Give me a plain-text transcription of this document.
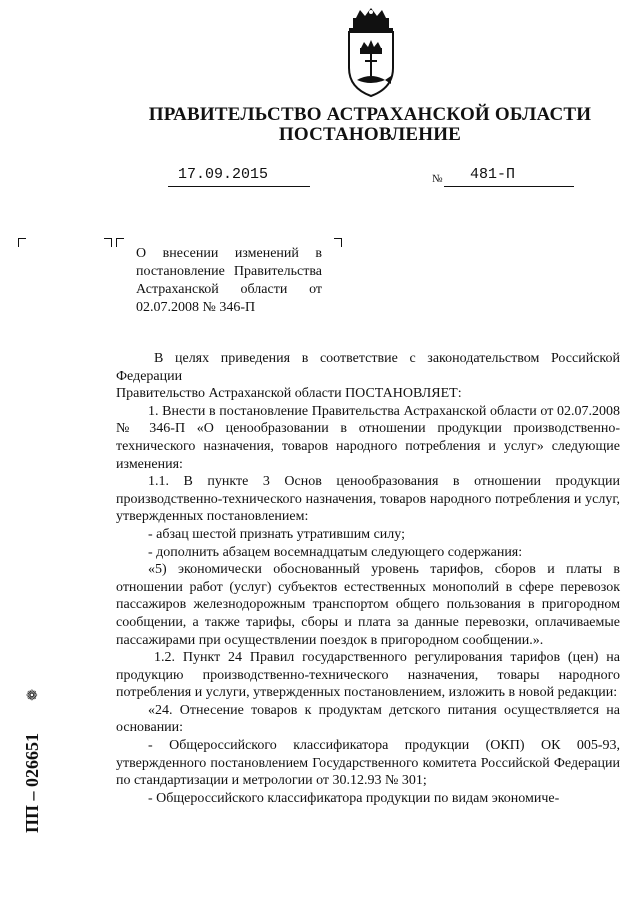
ПРАВИТЕЛЬСТВО АСТРАХАНСКОЙ ОБЛАСТИ
ПОСТАНОВЛЕНИЕ
17.09.2015	№ 481-П
О внесении изменений в постановление Правительства Астраханской области от 02.07.2008 № 346-П

В целях приведения в соответствие с законодательством Российской Федерации

Правительство Астраханской области ПОСТАНОВЛЯЕТ:

1. Внести в постановление Правительства Астраханской области от 02.07.2008 № 346-П «О ценообразовании в отношении продукции производственно-технического назначения, товаров народного потребления и услуг» следующие изменения:

1.1. В пункте 3 Основ ценообразования в отношении продукции производственно-технического назначения, товаров народного потребления и услуг, утвержденных постановлением:

- абзац шестой признать утратившим силу;

- дополнить абзацем восемнадцатым следующего содержания:

«5) экономически обоснованный уровень тарифов, сборов и платы в отношении работ (услуг) субъектов естественных монополий в сфере перевозок пассажиров железнодорожным транспортом общего пользования в пригородном сообщении, а также тарифы, сборы и плата за данные перевозки, оплачиваемые пассажирами при осуществлении поездок в пригородном сообщении.».

1.2. Пункт 24 Правил государственного регулирования тарифов (цен) на продукцию производственно-технического назначения, товары народного потребления и услуги, утвержденных постановлением, изложить в новой редакции:

«24. Отнесение товаров к продуктам детского питания осуществляется на основании:

- Общероссийского классификатора продукции (ОКП) ОК 005-93, утвержденного постановлением Государственного комитета Российской Федерации по стандартизации и метрологии от 30.12.93 № 301;

- Общероссийского классификатора продукции по видам экономиче-

❁
ПП – 026651
